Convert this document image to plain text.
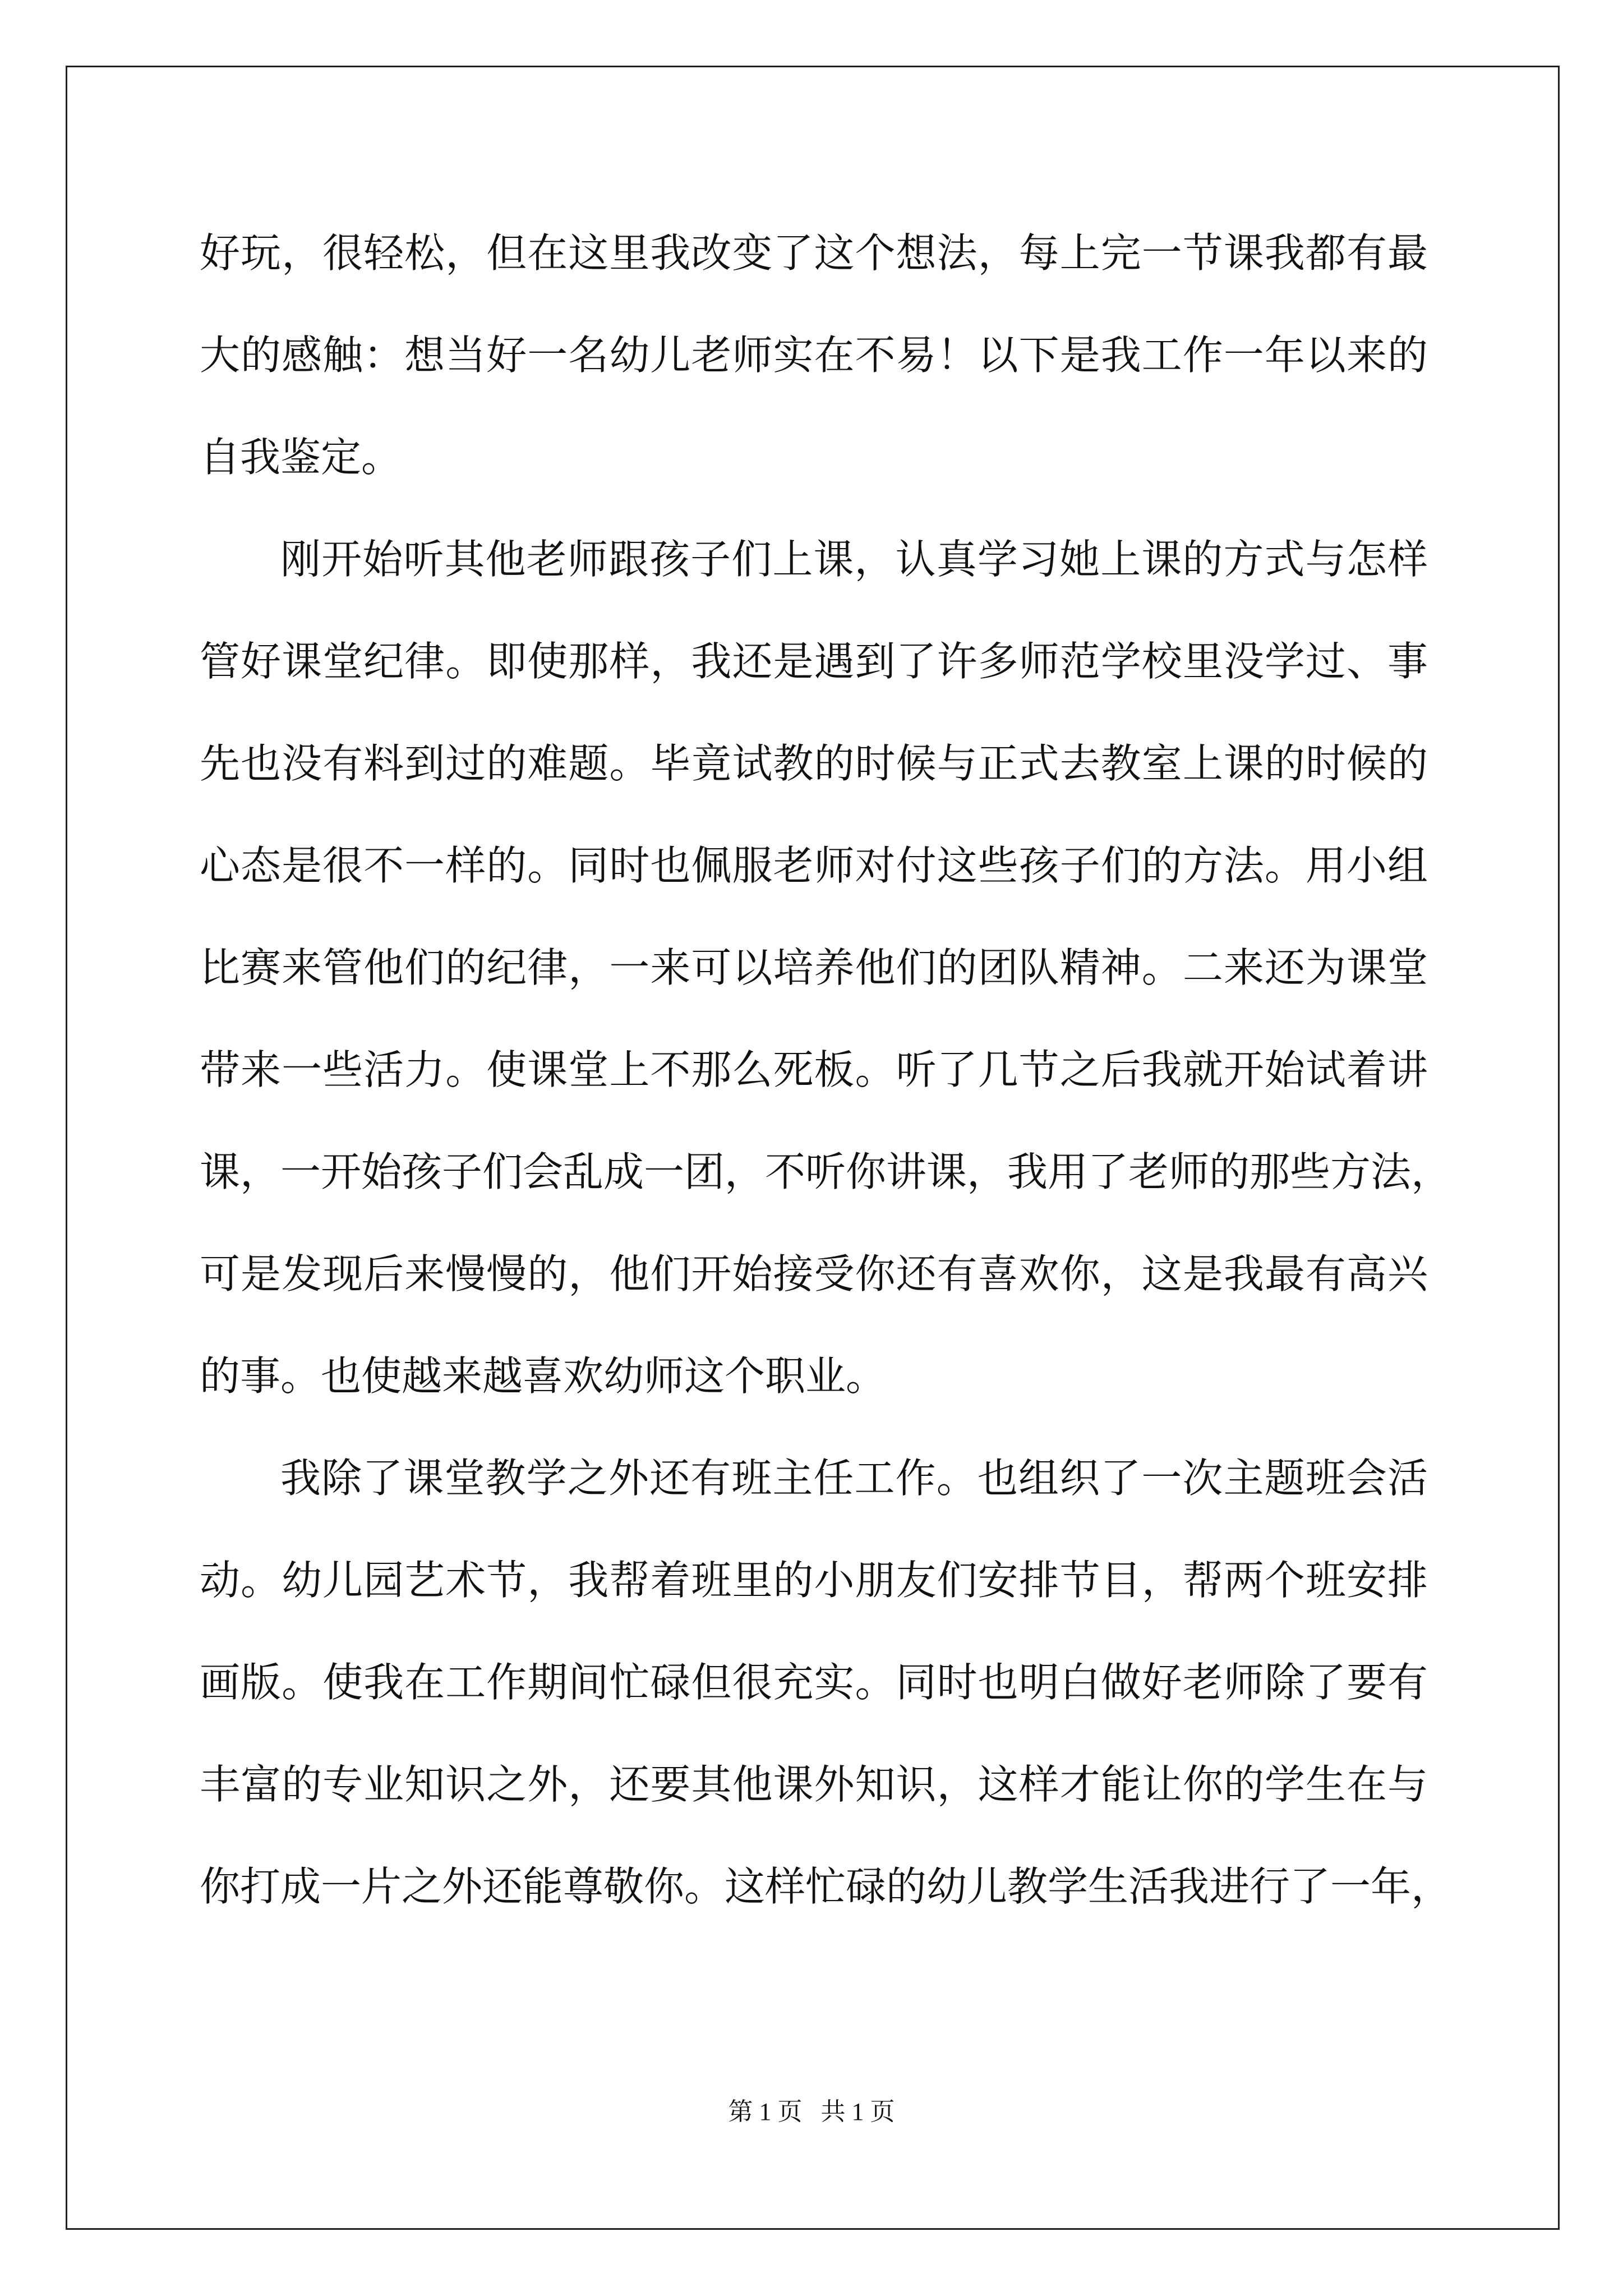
好玩，很轻松，但在这里我改变了这个想法，每上完一节课我都有最
大的感触：想当好一名幼儿老师实在不易！以下是我工作一年以来的
自我鉴定。
刚开始听其他老师跟孩子们上课，认真学习她上课的方式与怎样
管好课堂纪律。即使那样，我还是遇到了许多师范学校里没学过、事
先也没有料到过的难题。毕竟试教的时候与正式去教室上课的时候的
心态是很不一样的。同时也佩服老师对付这些孩子们的方法。用小组
比赛来管他们的纪律，一来可以培养他们的团队精神。二来还为课堂
带来一些活力。使课堂上不那么死板。听了几节之后我就开始试着讲
课，一开始孩子们会乱成一团，不听你讲课，我用了老师的那些方法，
可是发现后来慢慢的，他们开始接受你还有喜欢你，这是我最有高兴
的事。也使越来越喜欢幼师这个职业。
我除了课堂教学之外还有班主任工作。也组织了一次主题班会活
动。幼儿园艺术节，我帮着班里的小朋友们安排节目，帮两个班安排
画版。使我在工作期间忙碌但很充实。同时也明白做好老师除了要有
丰富的专业知识之外，还要其他课外知识，这样才能让你的学生在与
你打成一片之外还能尊敬你。这样忙碌的幼儿教学生活我进行了一年，
第 1 页   共 1 页
